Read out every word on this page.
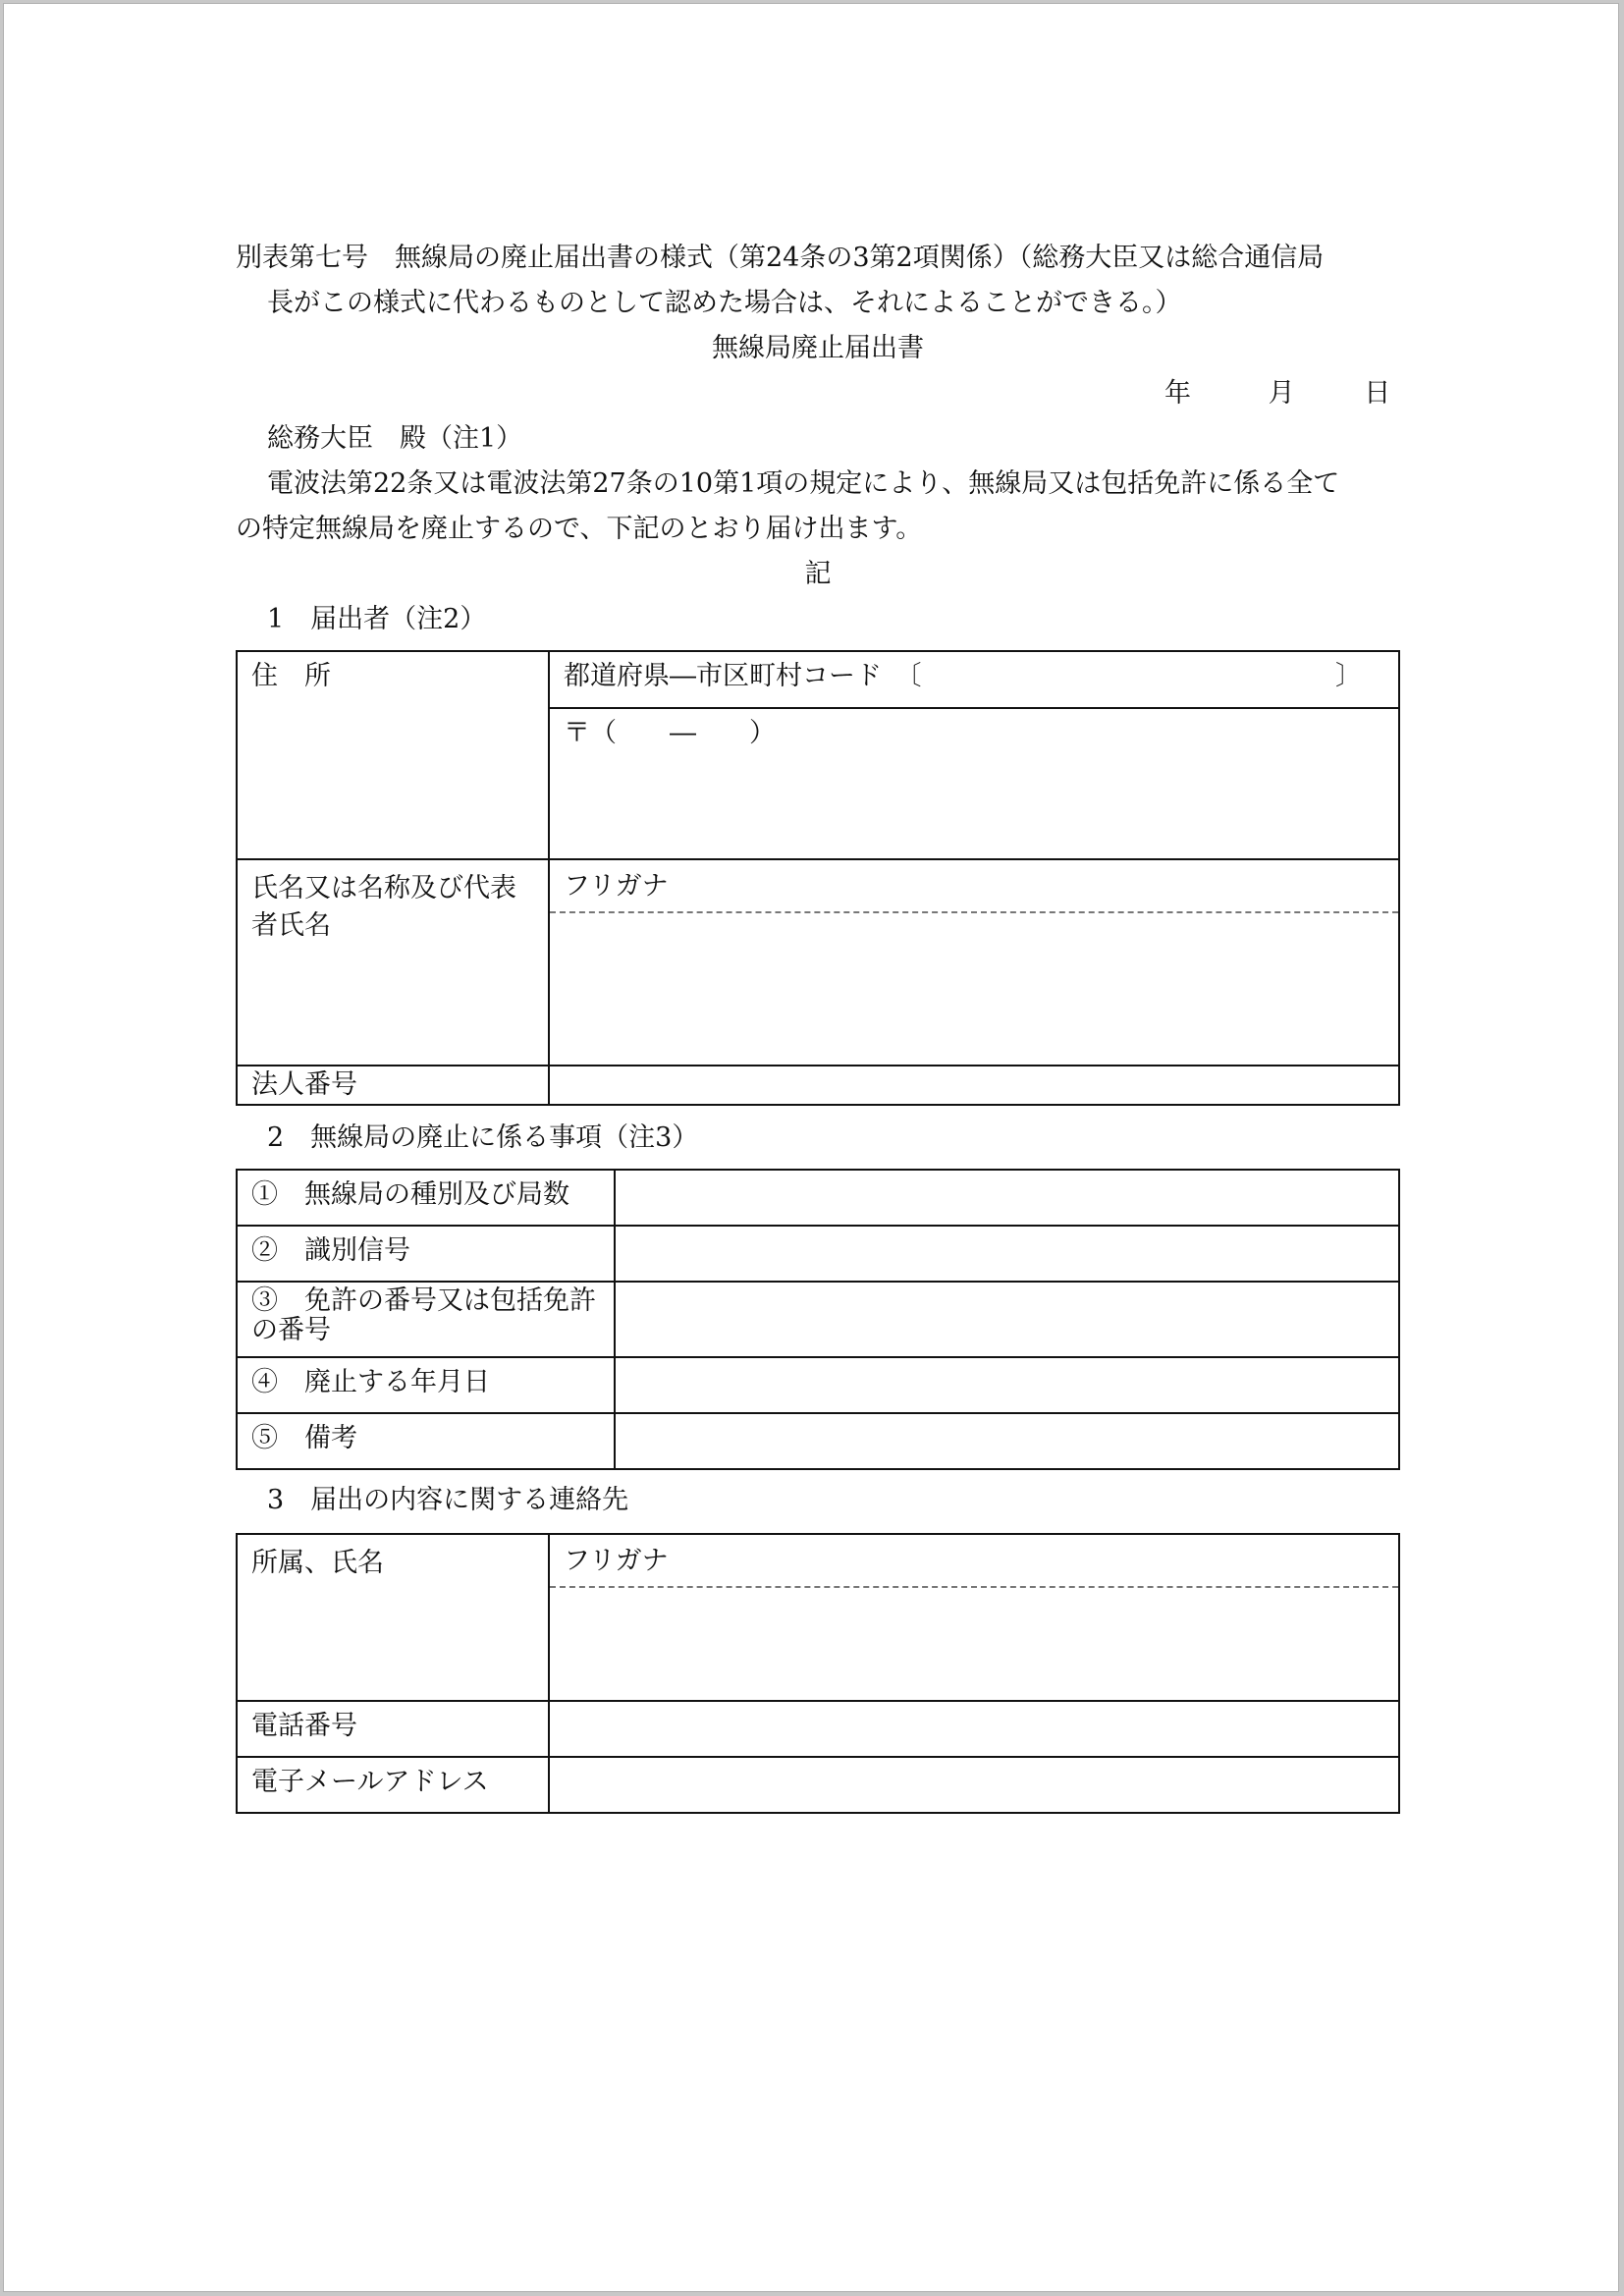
別表第七号　無線局の廃止届出書の様式（第24条の3第2項関係）（総務大臣又は総合通信局
長がこの様式に代わるものとして認めた場合は、それによることができる。）
無線局廃止届出書
年	月	日
総務大臣　殿（注1）
電波法第22条又は電波法第27条の10第1項の規定により、無線局又は包括免許に係る全て
の特定無線局を廃止するので、下記のとおり届け出ます。
記
1　届出者（注2）
住　所	都道府県―市区町村コード　〔 〕

	〒（　　―　　）
氏名又は名称及び代表者氏名	フリガナ

法人番号	
2　無線局の廃止に係る事項（注3）
①　無線局の種別及び局数	
②　識別信号	

③　免許の番号又は包括免許の番号	

④　廃止する年月日	
⑤　備考	
3　届出の内容に関する連絡先
所属、氏名	フリガナ

電話番号	
電子メールアドレス	
